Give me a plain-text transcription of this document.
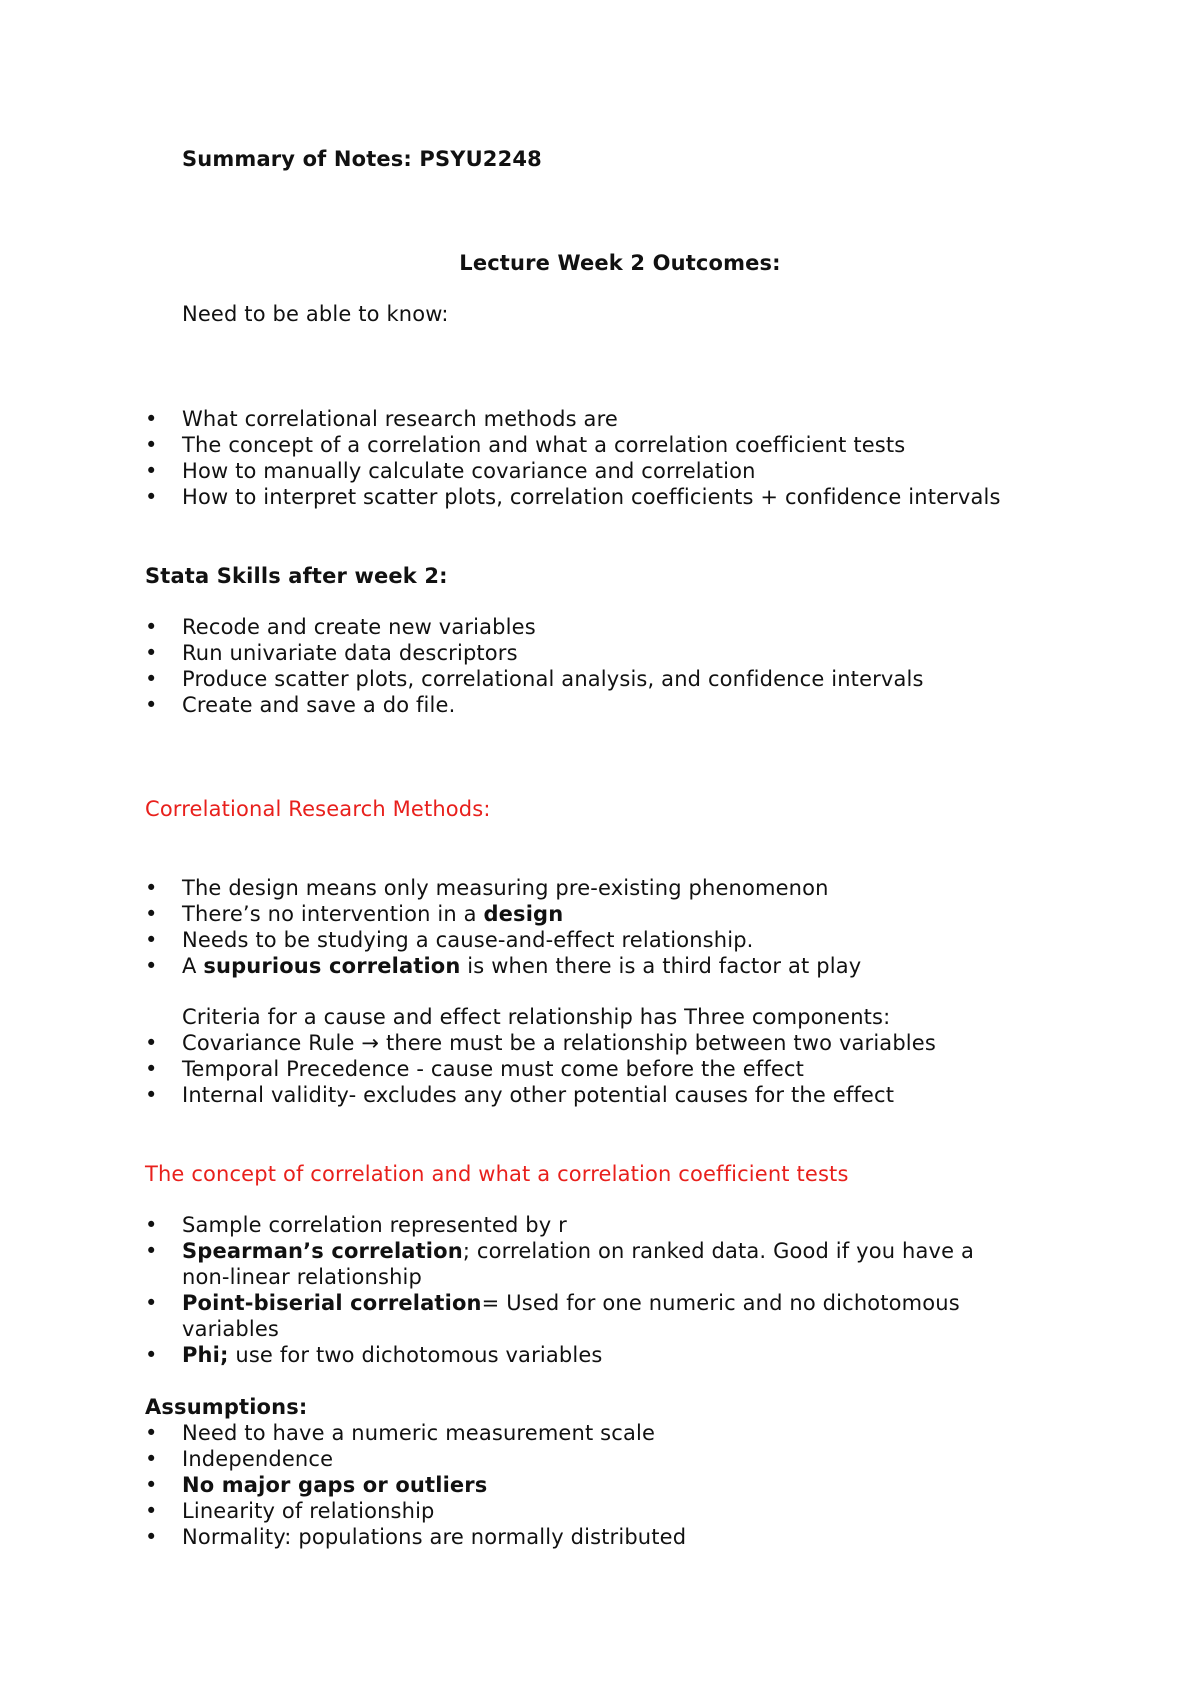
Summary of Notes: PSYU2248
Lecture Week 2 Outcomes:
Need to be able to know:
•	What correlational research methods are
•	The concept of a correlation and what a correlation coefficient tests
•	How to manually calculate covariance and correlation
•	How to interpret scatter plots, correlation coefficients + confidence intervals
Stata Skills after week 2:
•	Recode and create new variables
•	Run univariate data descriptors
•	Produce scatter plots, correlational analysis, and confidence intervals
•	Create and save a do file.
Correlational Research Methods:
•	The design means only measuring pre-existing phenomenon
•	There’s no intervention in a design
•	Needs to be studying a cause-and-effect relationship.
•	A supurious correlation is when there is a third factor at play
Criteria for a cause and effect relationship has Three components:
•	Covariance Rule → there must be a relationship between two variables
•	Temporal Precedence - cause must come before the effect
•	Internal validity- excludes any other potential causes for the effect
The concept of correlation and what a correlation coefficient tests
•	Sample correlation represented by r
•	Spearman’s correlation; correlation on ranked data. Good if you have a
non-linear relationship
•	Point-biserial correlation= Used for one numeric and no dichotomous
variables
•	Phi; use for two dichotomous variables
Assumptions:
•	Need to have a numeric measurement scale
•	Independence
•	No major gaps or outliers
•	Linearity of relationship
•	Normality: populations are normally distributed
